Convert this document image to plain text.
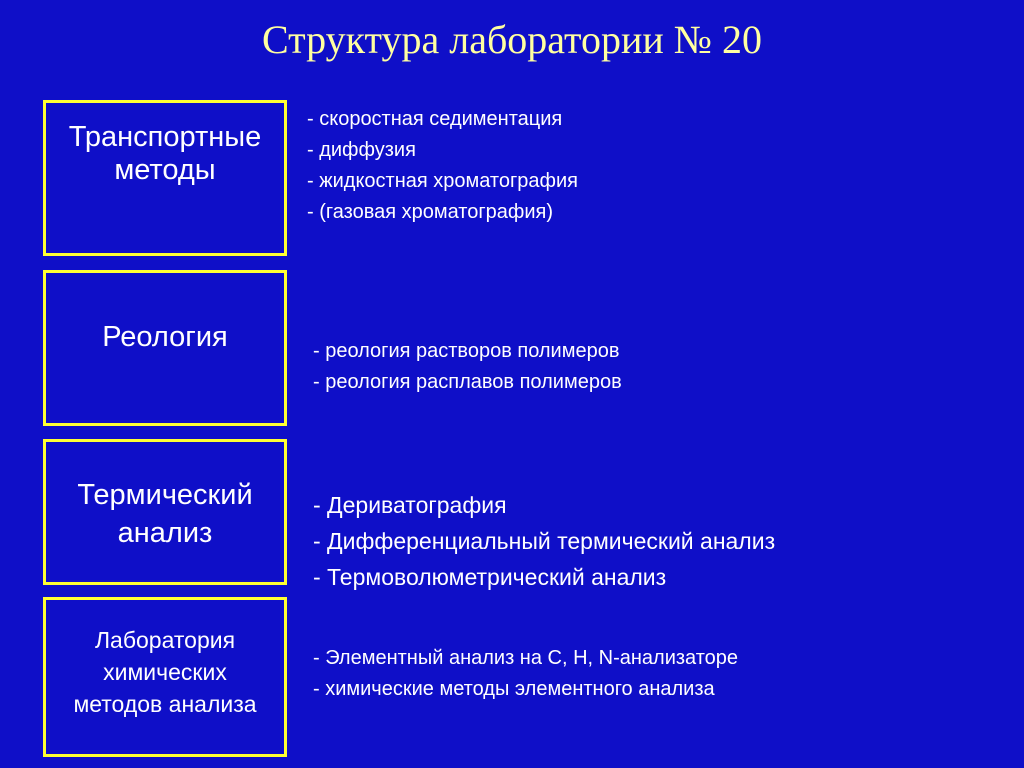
Структура лаборатории № 20
Транспортные
методы
- скоростная седиментация
- диффузия
- жидкостная хроматография
- (газовая хроматография)
Реология	- реология растворов полимеров
- реология расплавов полимеров
Термический
анализ
- Дериватография
- Дифференциальный термический анализ
- Термоволюметрический анализ
Лаборатория
химических
методов анализа
- Элементный анализ на С, Н, N-анализаторе
- химические методы элементного анализа
